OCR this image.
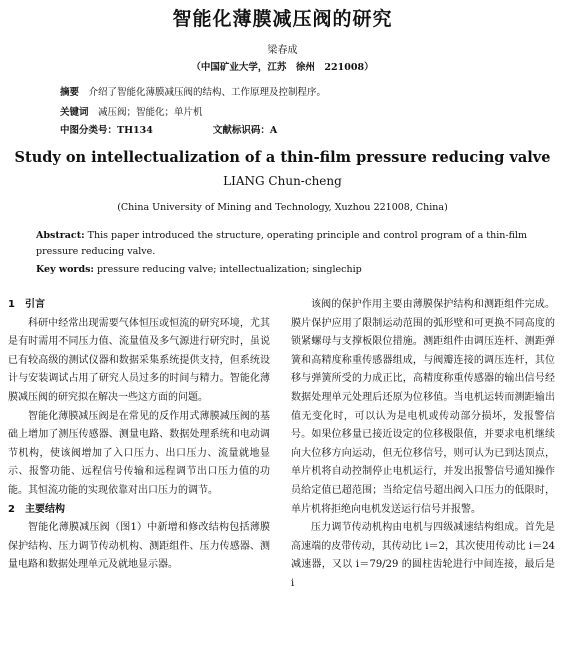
智能化薄膜减压阀的研究
梁春成
（中国矿业大学，江苏　徐州　221008）
摘要　 介绍了智能化薄膜减压阀的结构、工作原理及控制程序。
关键词　 减压阀；智能化；单片机
中图分类号：TH134	文献标识码：A
Study on intellectualization of a thin-film pressure reducing valve
LIANG Chun-cheng
(China University of Mining and Technology, Xuzhou 221008, China)
Abstract: This paper introduced the structure, operating principle and control program of a thin-film pressure reducing valve.
Key words: pressure reducing valve; intellectualization; singlechip
1　引言

科研中经常出现需要气体恒压或恒流的研究环境，尤其是有时需用不同压力值、流量值及多气源进行研究时，虽说已有较高级的测试仪器和数据采集系统提供支持，但系统设计与安装调试占用了研究人员过多的时间与精力。智能化薄膜减压阀的研究拟在解决一些这方面的问题。

智能化薄膜减压阀是在常见的反作用式薄膜减压阀的基础上增加了测压传感器、测量电路、数据处理系统和电动调节机构，使该阀增加了入口压力、出口压力、流量就地显示、报警功能、远程信号传输和远程调节出口压力值的功能。其恒流功能的实现依靠对出口压力的调节。

2　主要结构

智能化薄膜减压阀（图1）中新增和修改结构包括薄膜保护结构、压力调节传动机构、测距组件、压力传感器、测量电路和数据处理单元及就地显示器。

该阀的保护作用主要由薄膜保护结构和测距组件完成。膜片保护应用了限制运动范围的弧形壁和可更换不同高度的锁紧螺母与支撑板限位措施。测距组件由调压连杆、测距弹簧和高精度称重传感器组成，与阀瓣连接的调压连杆，其位移与弹簧所受的力成正比，高精度称重传感器的输出信号经数据处理单元处理后还原为位移值。当电机运转而测距输出值无变化时，可以认为是电机或传动部分损坏，发报警信号。如果位移量已接近设定的位移极限值，并要求电机继续向大位移方向运动，但无位移信号，则可认为已到达顶点，单片机将自动控制停止电机运行，并发出报警信号通知操作员给定值已超范围；当给定信号超出阀入口压力的低限时，单片机将拒绝向电机发送运行信号并报警。

压力调节传动机构由电机与四级减速结构组成。首先是高速端的皮带传动，其传动比 i＝2，其次使用传动比 i＝24 减速器，又以 i＝79/29 的圆柱齿轮进行中间连接，最后是 i
